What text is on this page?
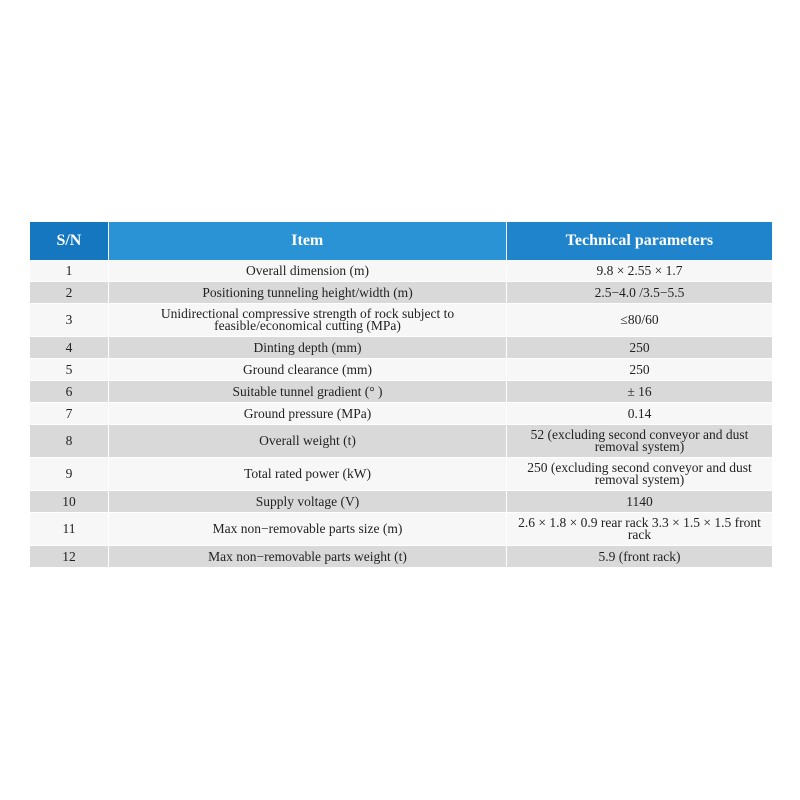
S/N	Item	Technical parameters
1	Overall dimension (m)	9.8 × 2.55 × 1.7
2	Positioning tunneling height/width (m)	2.5−4.0 /3.5−5.5
3	Unidirectional compressive strength of rock subject to feasible/economical cutting (MPa)	≤80/60
4	Dinting depth (mm)	250
5	Ground clearance (mm)	250
6	Suitable tunnel gradient (° )	± 16
7	Ground pressure (MPa)	0.14
8	Overall weight (t)	52 (excluding second conveyor and dust removal system)
9	Total rated power (kW)	250 (excluding second conveyor and dust removal system)
10	Supply voltage (V)	1140
11	Max non−removable parts size (m)	2.6 × 1.8 × 0.9 rear rack 3.3 × 1.5 × 1.5 front rack
12	Max non−removable parts weight (t)	5.9 (front rack)
